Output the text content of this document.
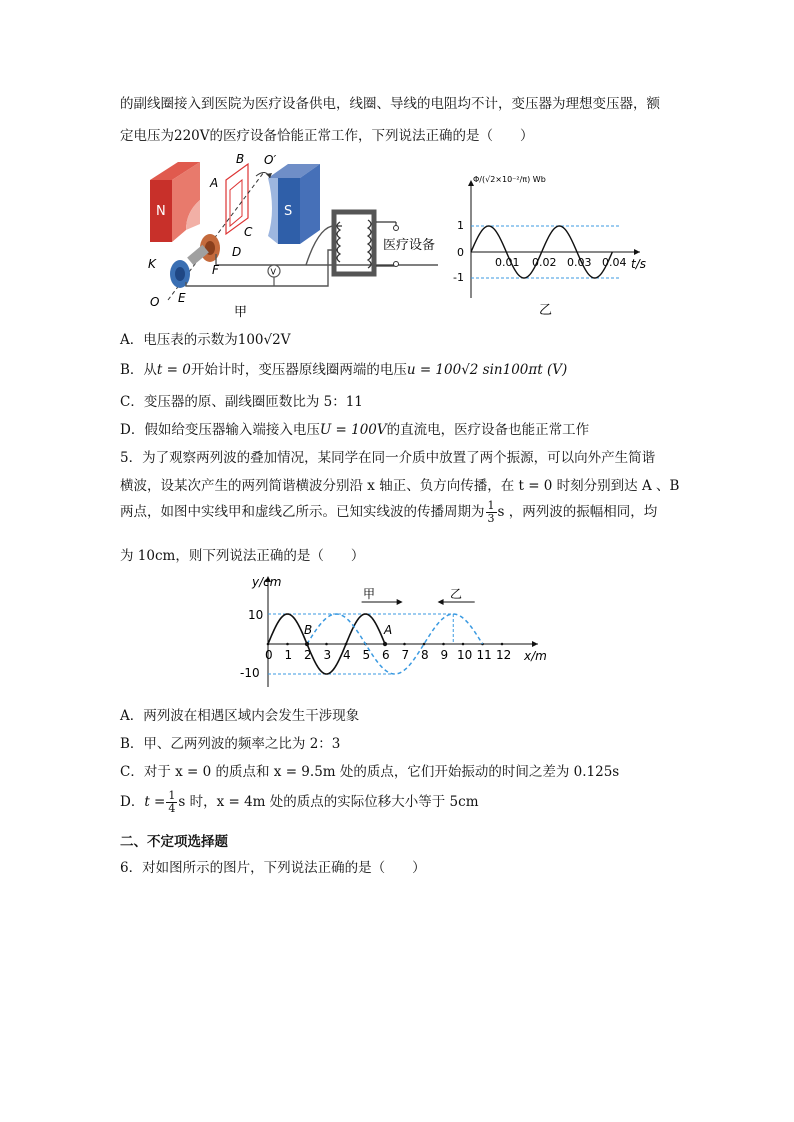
的副线圈接入到医院为医疗设备供电，线圈、导线的电阻均不计，变压器为理想变压器，额
定电压为220V的医疗设备恰能正常工作，下列说法正确的是（　　）
N	S
V
B
A
C
D
O′
K	F
O E
医疗设备
甲
Φ/(√2×10⁻²/π) Wb
t/s
1
0
-1
0.01 0.02 0.03 0.04
乙
A．电压表的示数为100√2V
B．从t = 0开始计时，变压器原线圈两端的电压u = 100√2 sin100πt (V)
C．变压器的原、副线圈匝数比为 5：11
D．假如给变压器输入端接入电压U = 100V的直流电，医疗设备也能正常工作
5．为了观察两列波的叠加情况，某同学在同一介质中放置了两个振源，可以向外产生简谐
横波，设某次产生的两列简谐横波分别沿 x 轴正、负方向传播，在 t = 0 时刻分别到达 A 、B
两点，如图中实线甲和虚线乙所示。已知实线波的传播周期为 $\frac{1}{3}$ s ，两列波的振幅相同，均
为 10cm，则下列说法正确的是（　　）
y/cm
x/m
10
-10
甲	乙
B	A
0 1 2 3 4 5 6 7 8 9 10 11 12
A．两列波在相遇区域内会发生干涉现象
B．甲、乙两列波的频率之比为 2：3
C．对于 x = 0 的质点和 x = 9.5m 处的质点，它们开始振动的时间之差为 0.125s
D．$t = \frac{1}{4}$ s 时，x = 4m 处的质点的实际位移大小等于 5cm
二、不定项选择题
6．对如图所示的图片，下列说法正确的是（　　）
